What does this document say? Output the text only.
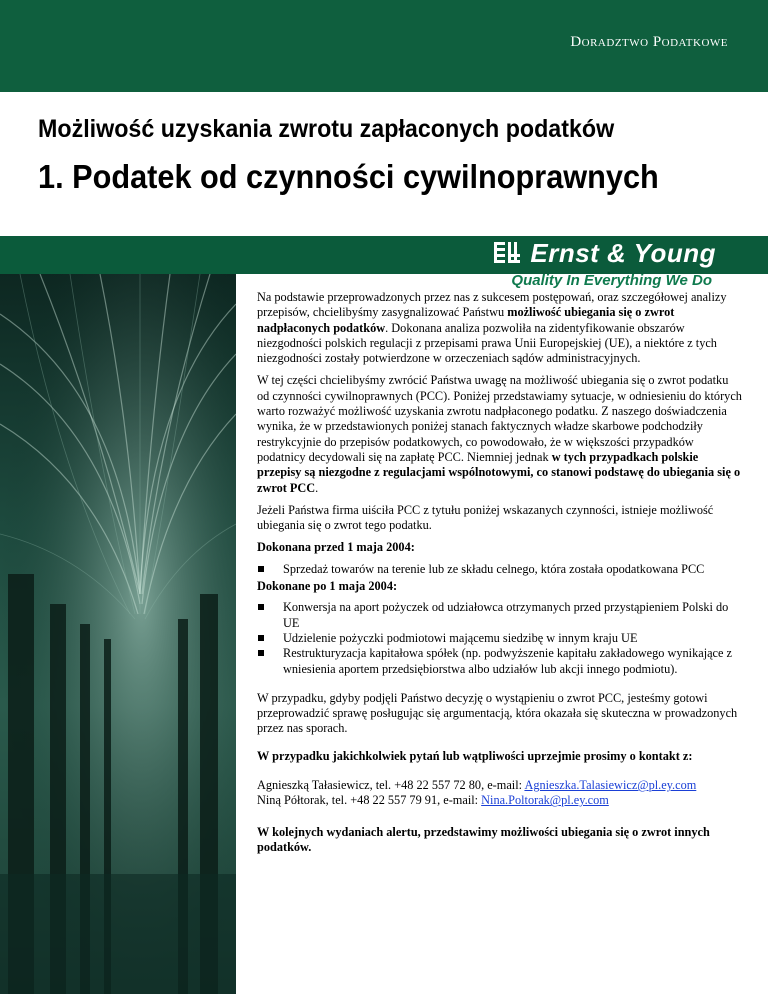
Doradztwo Podatkowe
Możliwość uzyskania zwrotu zapłaconych podatków
1. Podatek od czynności cywilnoprawnych
Ernst & Young
Quality In Everything We Do

Na podstawie przeprowadzonych przez nas z sukcesem postępowań, oraz szczegółowej analizy przepisów, chcielibyśmy zasygnalizować Państwu możliwość ubiegania się o zwrot nadpłaconych podatków. Dokonana analiza pozwoliła na zidentyfikowanie obszarów niezgodności polskich regulacji z przepisami prawa Unii Europejskiej (UE), a niektóre z tych niezgodności zostały potwierdzone w orzeczeniach sądów administracyjnych.

W tej części chcielibyśmy zwrócić Państwa uwagę na możliwość ubiegania się o zwrot podatku od czynności cywilnoprawnych (PCC). Poniżej przedstawiamy sytuacje, w odniesieniu do których warto rozważyć możliwość uzyskania zwrotu nadpłaconego podatku. Z naszego doświadczenia wynika, że w przedstawionych poniżej stanach faktycznych władze skarbowe podchodziły restrykcyjnie do przepisów podatkowych, co powodowało, że w większości przypadków podatnicy decydowali się na zapłatę PCC. Niemniej jednak w tych przypadkach polskie przepisy są niezgodne z regulacjami wspólnotowymi, co stanowi podstawę do ubiegania się o zwrot PCC.

Jeżeli Państwa firma uiściła PCC z tytułu poniżej wskazanych czynności, istnieje możliwość ubiegania się o zwrot tego podatku.

Dokonana przed 1 maja 2004:
Sprzedaż towarów na terenie lub ze składu celnego, która została opodatkowana PCC
Dokonane po 1 maja 2004:
Konwersja na aport pożyczek od udziałowca otrzymanych przed przystąpieniem Polski do UE
Udzielenie pożyczki podmiotowi mającemu siedzibę w innym kraju UE
Restrukturyzacja kapitałowa spółek (np. podwyższenie kapitału zakładowego wynikające z wniesienia aportem przedsiębiorstwa albo udziałów lub akcji innego podmiotu).

W przypadku, gdyby podjęli Państwo decyzję o wystąpieniu o zwrot PCC, jesteśmy gotowi przeprowadzić sprawę posługując się argumentacją, która okazała się skuteczna w prowadzonych przez nas sporach.

W przypadku jakichkolwiek pytań lub wątpliwości uprzejmie prosimy o kontakt z:

Agnieszką Tałasiewicz, tel. +48 22 557 72 80, e-mail: Agnieszka.Talasiewicz@pl.ey.com
Niną Półtorak, tel. +48 22 557 79 91, e-mail: Nina.Poltorak@pl.ey.com

W kolejnych wydaniach alertu, przedstawimy możliwości ubiegania się o zwrot innych podatków.
